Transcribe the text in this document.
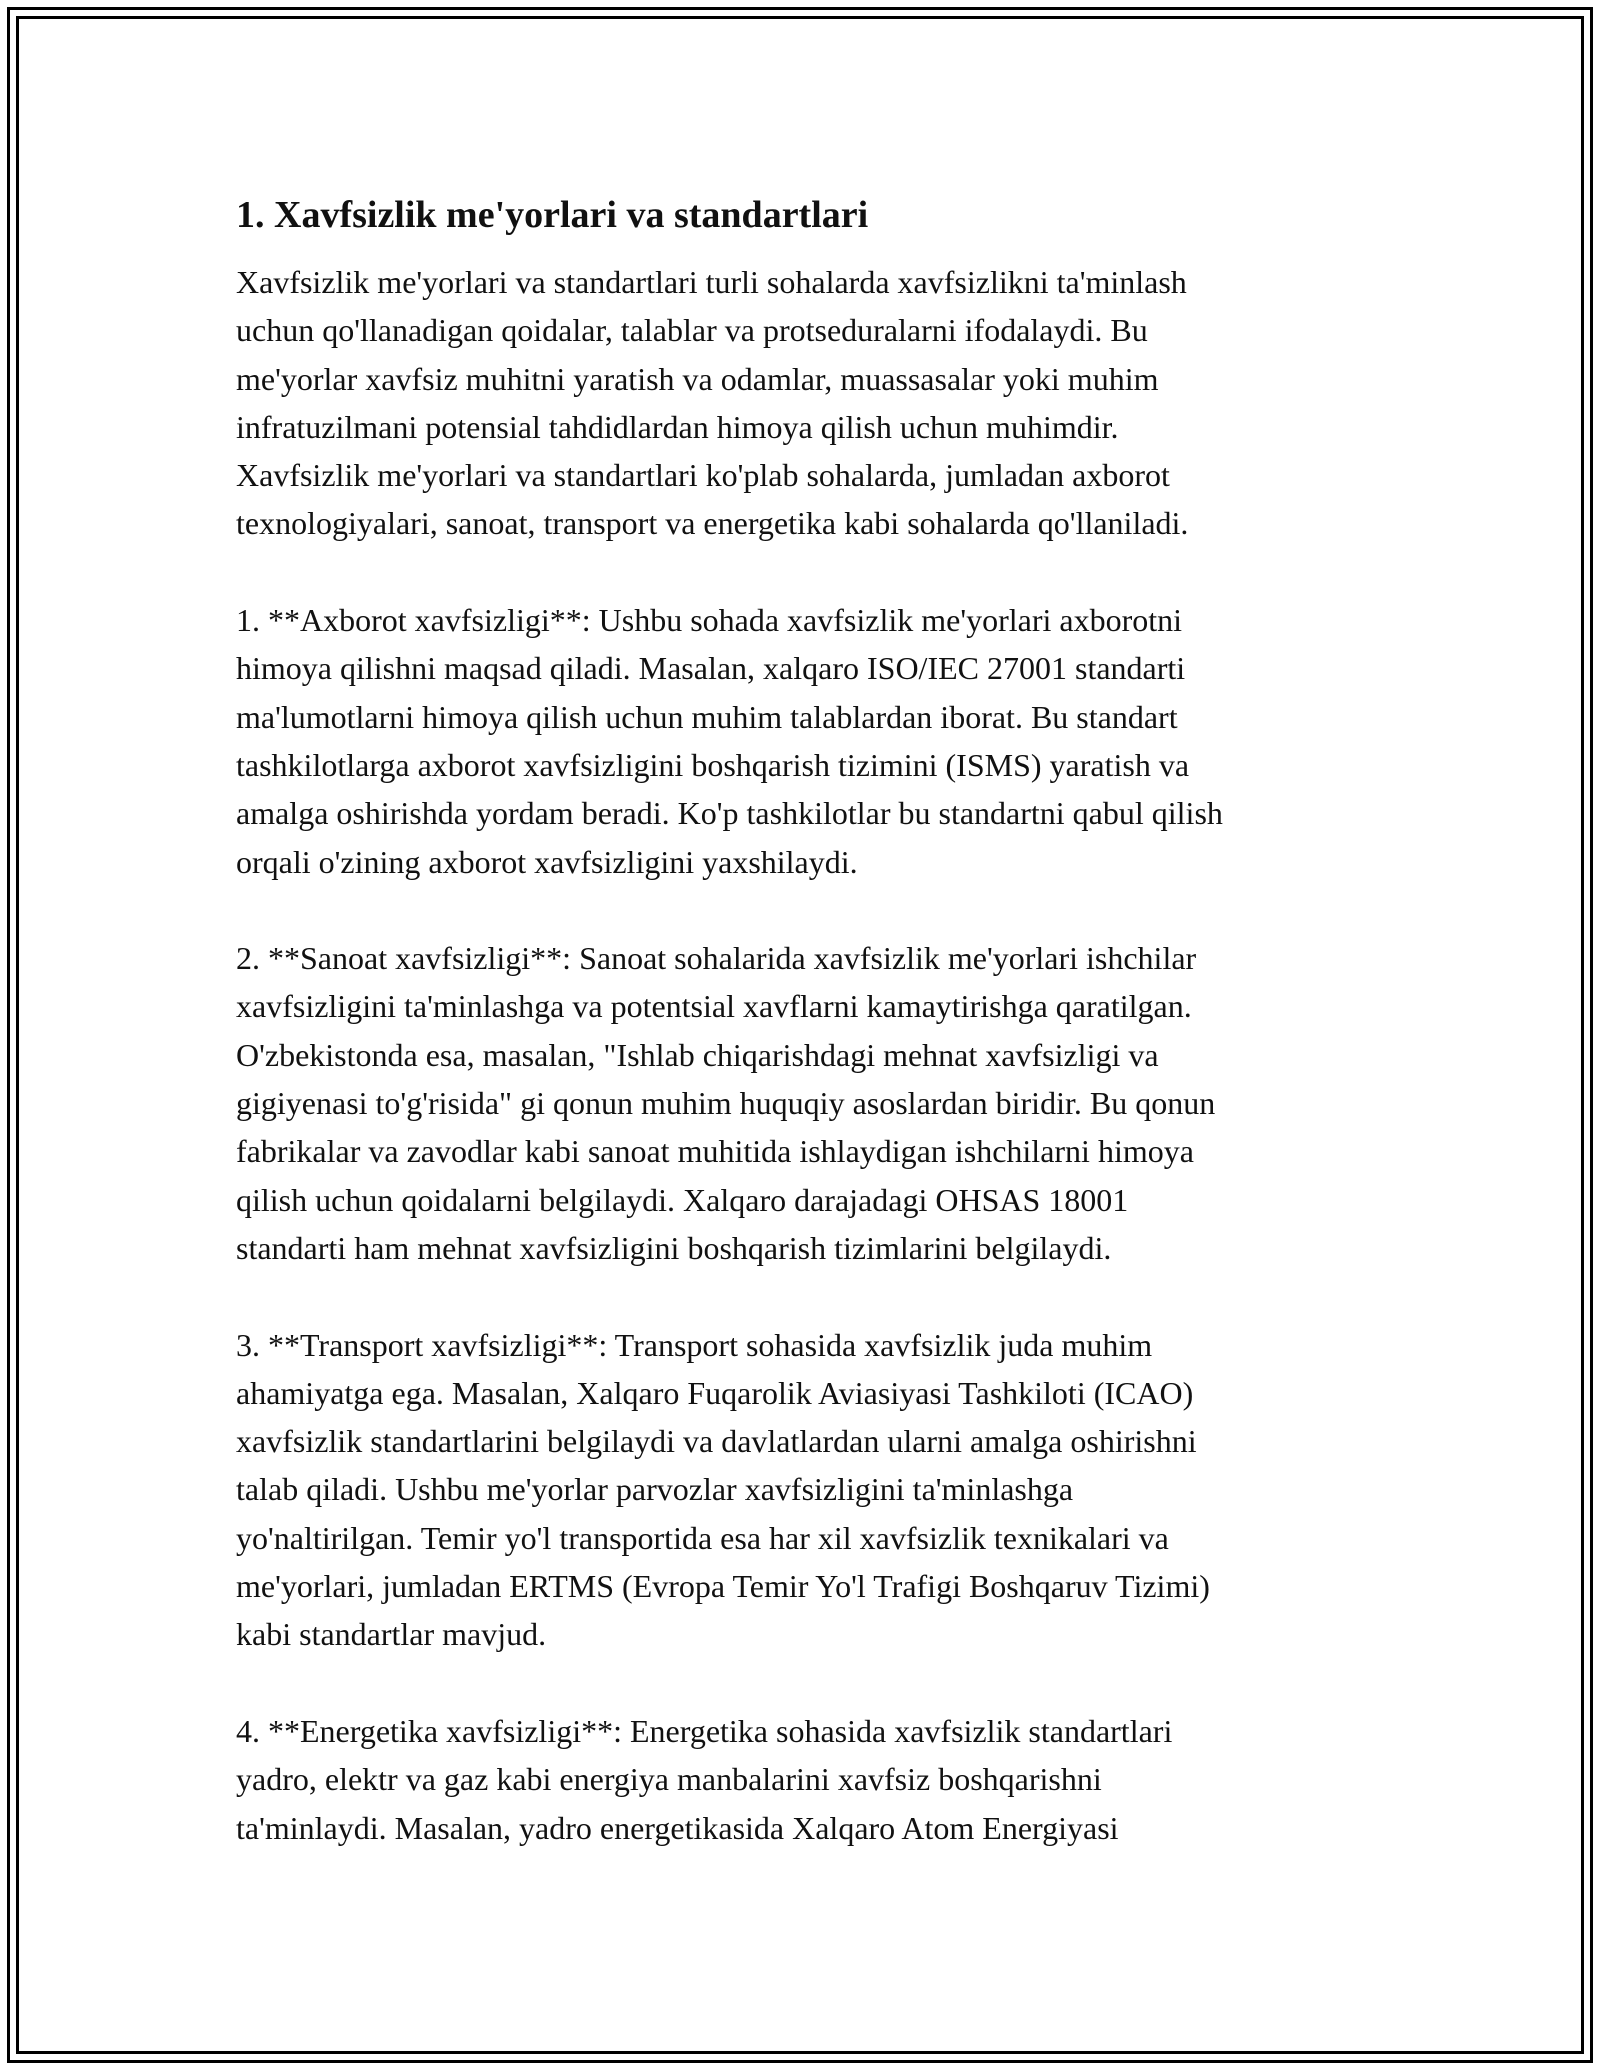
1. Xavfsizlik me'yorlari va standartlari

Xavfsizlik me'yorlari va standartlari turli sohalarda xavfsizlikni ta'minlash
uchun qo'llanadigan qoidalar, talablar va protseduralarni ifodalaydi. Bu
me'yorlar xavfsiz muhitni yaratish va odamlar, muassasalar yoki muhim
infratuzilmani potensial tahdidlardan himoya qilish uchun muhimdir.
Xavfsizlik me'yorlari va standartlari ko'plab sohalarda, jumladan axborot
texnologiyalari, sanoat, transport va energetika kabi sohalarda qo'llaniladi.

1. **Axborot xavfsizligi**: Ushbu sohada xavfsizlik me'yorlari axborotni
himoya qilishni maqsad qiladi. Masalan, xalqaro ISO/IEC 27001 standarti
ma'lumotlarni himoya qilish uchun muhim talablardan iborat. Bu standart
tashkilotlarga axborot xavfsizligini boshqarish tizimini (ISMS) yaratish va
amalga oshirishda yordam beradi. Ko'p tashkilotlar bu standartni qabul qilish
orqali o'zining axborot xavfsizligini yaxshilaydi.

2. **Sanoat xavfsizligi**: Sanoat sohalarida xavfsizlik me'yorlari ishchilar
xavfsizligini ta'minlashga va potentsial xavflarni kamaytirishga qaratilgan.
O'zbekistonda esa, masalan, "Ishlab chiqarishdagi mehnat xavfsizligi va
gigiyenasi to'g'risida" gi qonun muhim huquqiy asoslardan biridir. Bu qonun
fabrikalar va zavodlar kabi sanoat muhitida ishlaydigan ishchilarni himoya
qilish uchun qoidalarni belgilaydi. Xalqaro darajadagi OHSAS 18001
standarti ham mehnat xavfsizligini boshqarish tizimlarini belgilaydi.

3. **Transport xavfsizligi**: Transport sohasida xavfsizlik juda muhim
ahamiyatga ega. Masalan, Xalqaro Fuqarolik Aviasiyasi Tashkiloti (ICAO)
xavfsizlik standartlarini belgilaydi va davlatlardan ularni amalga oshirishni
talab qiladi. Ushbu me'yorlar parvozlar xavfsizligini ta'minlashga
yo'naltirilgan. Temir yo'l transportida esa har xil xavfsizlik texnikalari va
me'yorlari, jumladan ERTMS (Evropa Temir Yo'l Trafigi Boshqaruv Tizimi)
kabi standartlar mavjud.

4. **Energetika xavfsizligi**: Energetika sohasida xavfsizlik standartlari
yadro, elektr va gaz kabi energiya manbalarini xavfsiz boshqarishni
ta'minlaydi. Masalan, yadro energetikasida Xalqaro Atom Energiyasi
